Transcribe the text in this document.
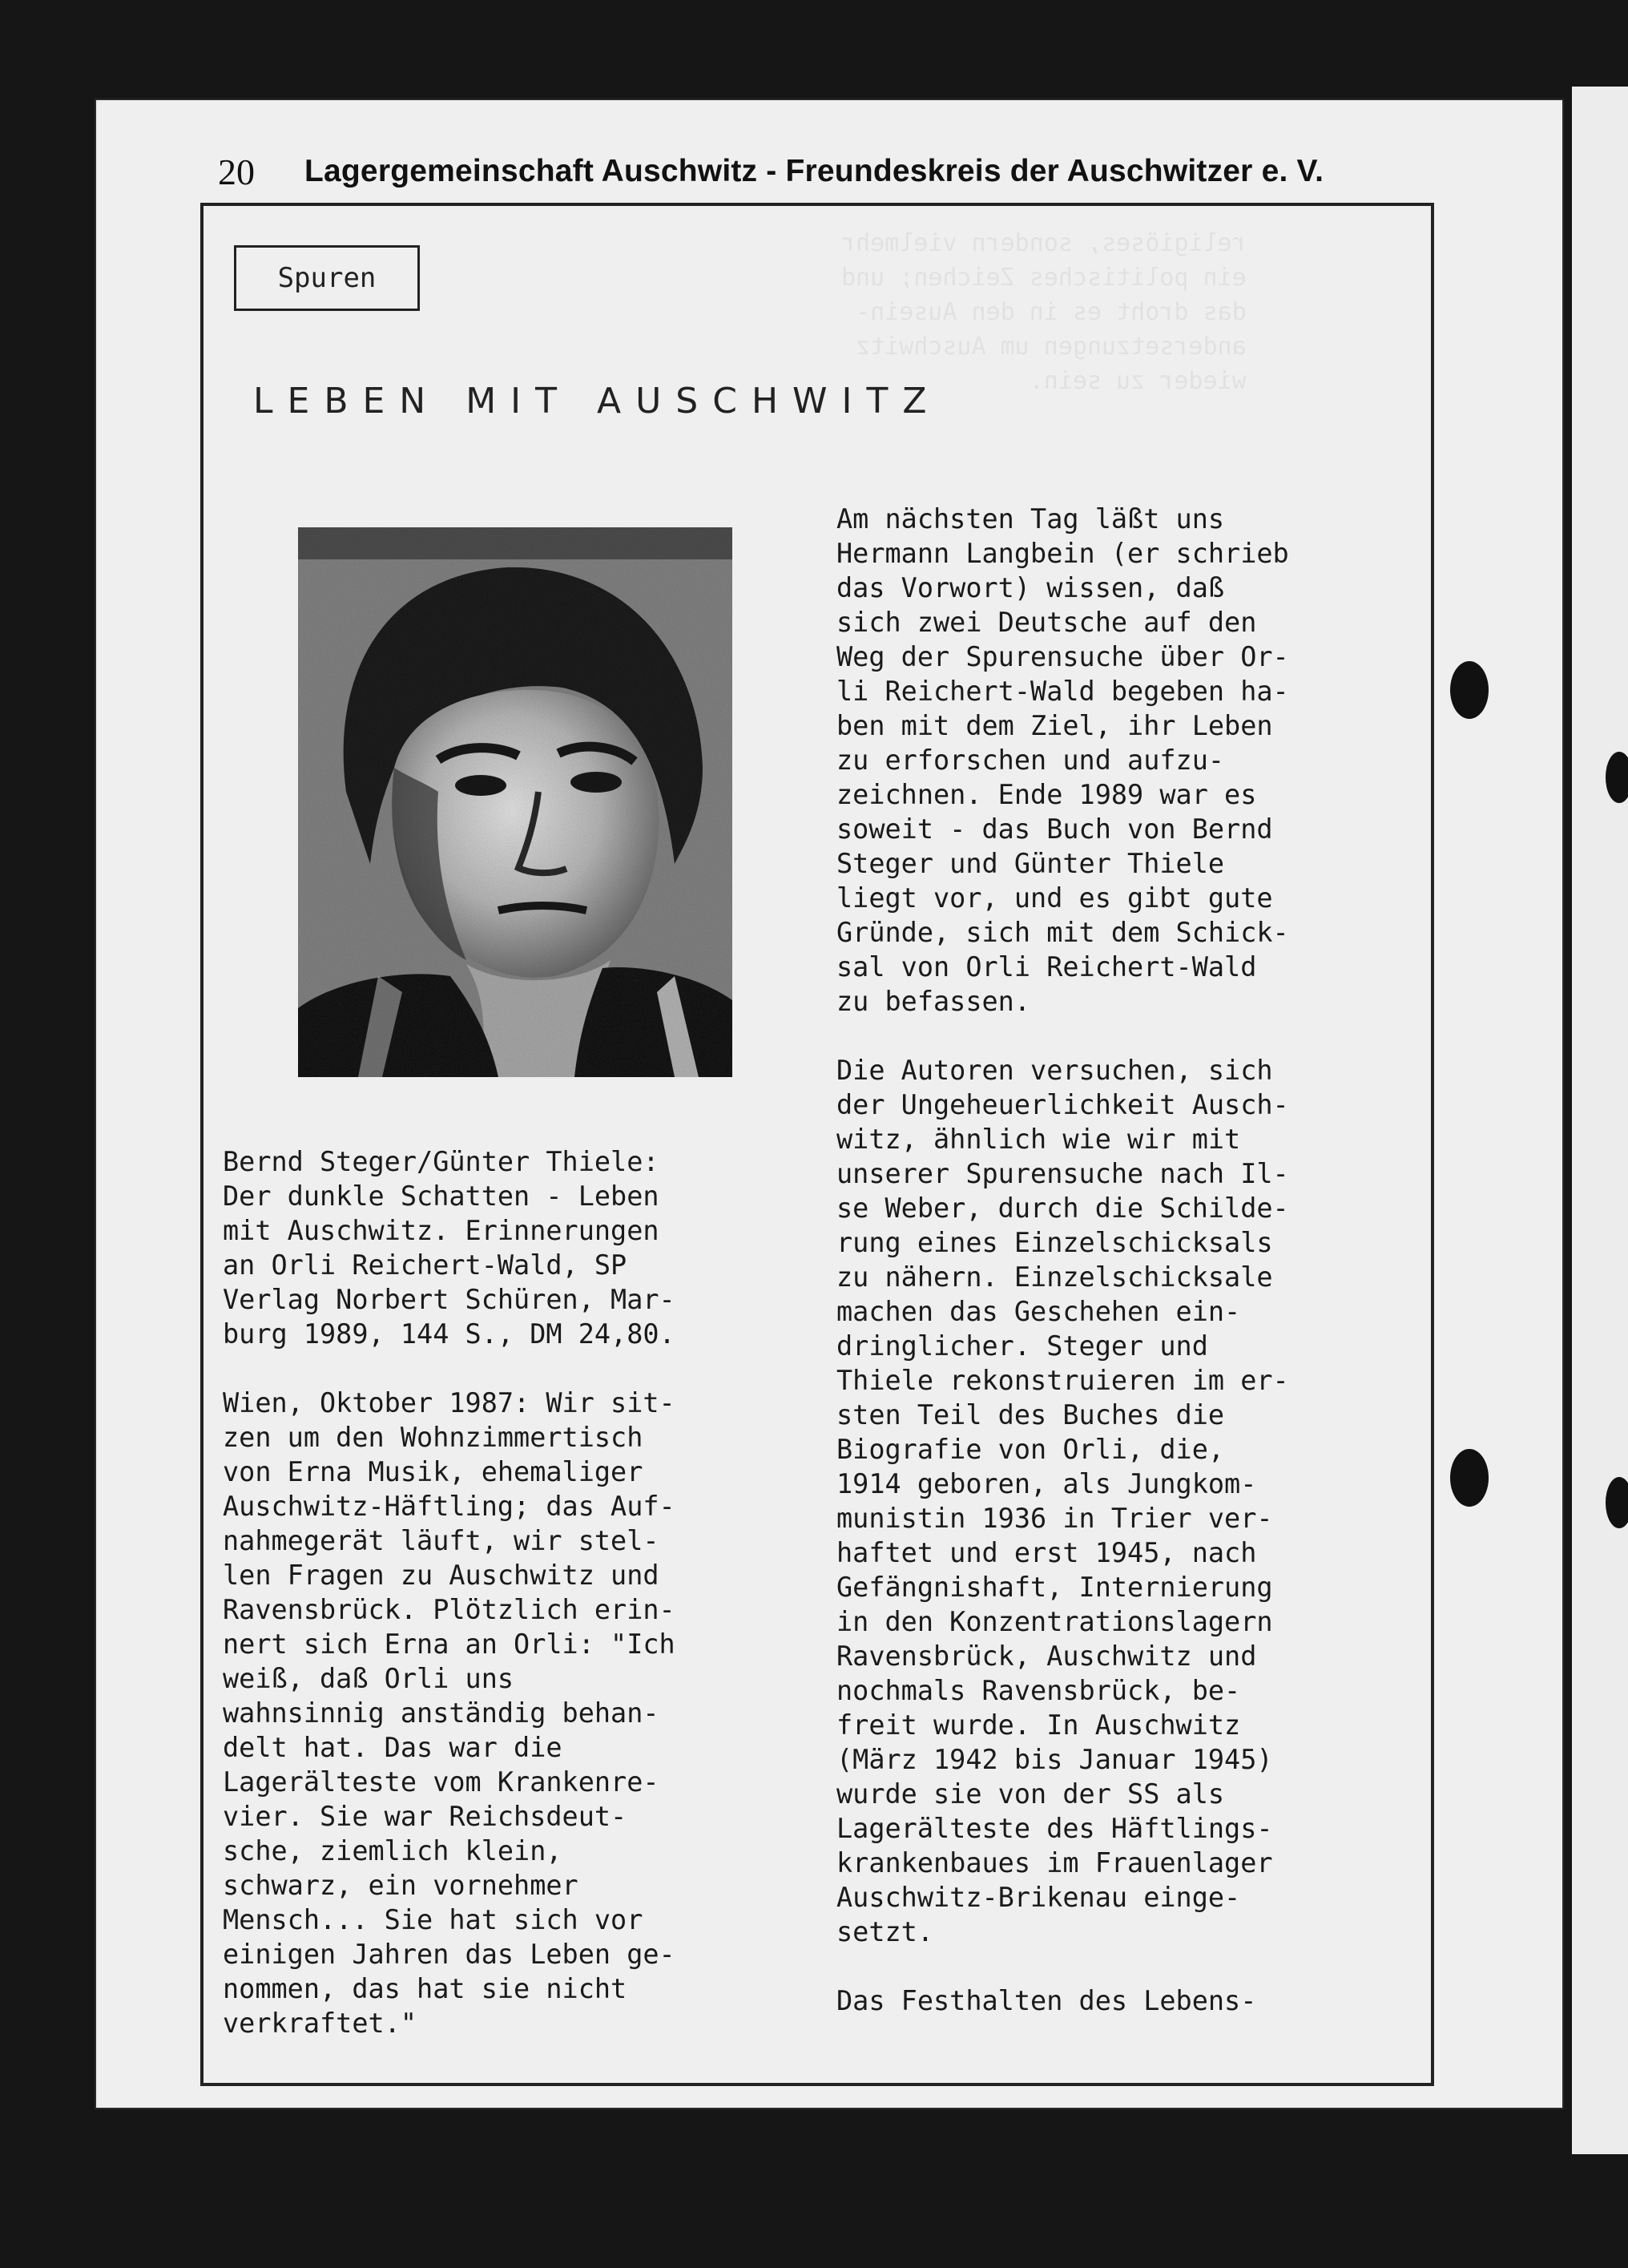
20 Lagergemeinschaft Auschwitz - Freundeskreis der Auschwitzer e. V.
Spuren
LEBEN MIT AUSCHWITZ

Bernd Steger/Günter Thiele:
Der dunkle Schatten - Leben
mit Auschwitz. Erinnerungen
an Orli Reichert-Wald, SP
Verlag Norbert Schüren, Mar-
burg 1989, 144 S., DM 24,80.

Wien, Oktober 1987: Wir sit-
zen um den Wohnzimmertisch
von Erna Musik, ehemaliger
Auschwitz-Häftling; das Auf-
nahmegerät läuft, wir stel-
len Fragen zu Auschwitz und
Ravensbrück. Plötzlich erin-
nert sich Erna an Orli: "Ich
weiß, daß Orli uns
wahnsinnig anständig behan-
delt hat. Das war die
Lagerälteste vom Krankenre-
vier. Sie war Reichsdeut-
sche, ziemlich klein,
schwarz, ein vornehmer
Mensch... Sie hat sich vor
einigen Jahren das Leben ge-
nommen, das hat sie nicht
verkraftet."

Am nächsten Tag läßt uns
Hermann Langbein (er schrieb
das Vorwort) wissen, daß
sich zwei Deutsche auf den
Weg der Spurensuche über Or-
li Reichert-Wald begeben ha-
ben mit dem Ziel, ihr Leben
zu erforschen und aufzu-
zeichnen. Ende 1989 war es
soweit - das Buch von Bernd
Steger und Günter Thiele
liegt vor, und es gibt gute
Gründe, sich mit dem Schick-
sal von Orli Reichert-Wald
zu befassen.

Die Autoren versuchen, sich
der Ungeheuerlichkeit Ausch-
witz, ähnlich wie wir mit
unserer Spurensuche nach Il-
se Weber, durch die Schilde-
rung eines Einzelschicksals
zu nähern. Einzelschicksale
machen das Geschehen ein-
dringlicher. Steger und
Thiele rekonstruieren im er-
sten Teil des Buches die
Biografie von Orli, die,
1914 geboren, als Jungkom-
munistin 1936 in Trier ver-
haftet und erst 1945, nach
Gefängnishaft, Internierung
in den Konzentrationslagern
Ravensbrück, Auschwitz und
nochmals Ravensbrück, be-
freit wurde. In Auschwitz
(März 1942 bis Januar 1945)
wurde sie von der SS als
Lagerälteste des Häftlings-
krankenbaues im Frauenlager
Auschwitz-Brikenau einge-
setzt.

Das Festhalten des Lebens-
